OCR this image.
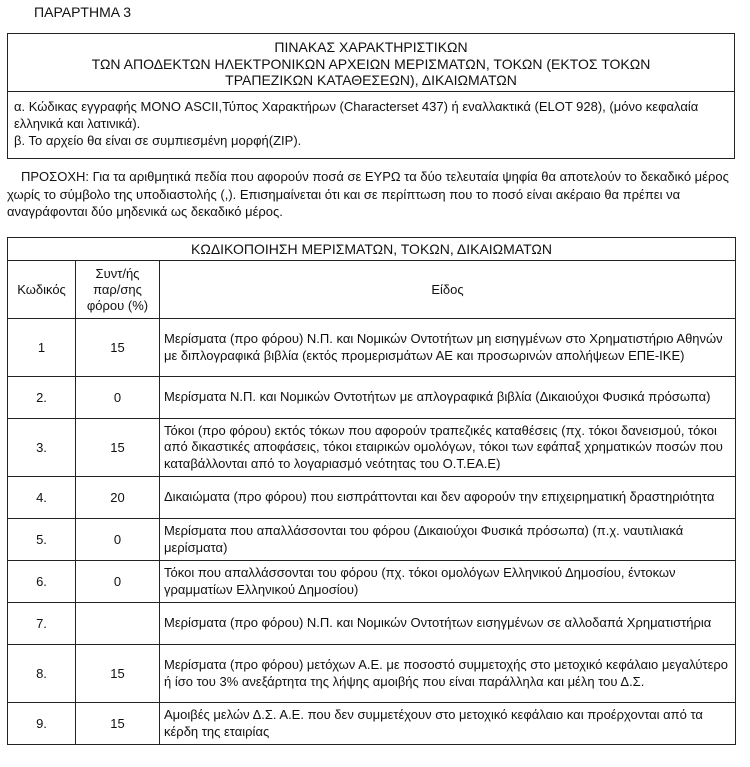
ΠΑΡΑΡΤΗΜΑ 3
ΠΙΝΑΚΑΣ ΧΑΡΑΚΤΗΡΙΣΤΙΚΩΝ
ΤΩΝ ΑΠΟΔΕΚΤΩΝ ΗΛΕΚΤΡΟΝΙΚΩΝ ΑΡΧΕΙΩΝ ΜΕΡΙΣΜΑΤΩΝ, ΤΟΚΩΝ (ΕΚΤΟΣ ΤΟΚΩΝ
ΤΡΑΠΕΖΙΚΩΝ ΚΑΤΑΘΕΣΕΩΝ), ΔΙΚΑΙΩΜΑΤΩΝ

α. Κώδικας εγγραφής ΜΟΝΟ ASCII,Τύπος Χαρακτήρων (Characterset 437) ή εναλλακτικά (ELOT 928), (μόνο κεφαλαία ελληνικά και λατινικά).

β. Το αρχείο θα είναι σε συμπιεσμένη μορφή(ZIP).

ΠΡΟΣΟΧΗ: Για τα αριθμητικά πεδία που αφορούν ποσά σε ΕΥΡΩ τα δύο τελευταία ψηφία θα αποτελούν το δεκαδικό μέρος χωρίς το σύμβολο της υποδιαστολής (,). Επισημαίνεται ότι και σε περίπτωση που το ποσό είναι ακέραιο θα πρέπει να αναγράφονται δύο μηδενικά ως δεκαδικό μέρος.

ΚΩΔΙΚΟΠΟΙΗΣΗ ΜΕΡΙΣΜΑΤΩΝ, ΤΟΚΩΝ, ΔΙΚΑΙΩΜΑΤΩΝ		
Κωδικός	Συντ/ής παρ/σης φόρου (%)	Είδος
1	15	Μερίσματα (προ φόρου) Ν.Π. και Νομικών Οντοτήτων μη εισηγμένων στο Χρηματιστήριο Αθηνών με διπλογραφικά βιβλία (εκτός προμερισμάτων ΑΕ και προσωρινών απολήψεων ΕΠΕ-ΙΚΕ)
2.	0	Μερίσματα Ν.Π. και Νομικών Οντοτήτων με απλογραφικά βιβλία (Δικαιούχοι Φυσικά πρόσωπα)
3.	15	Τόκοι (προ φόρου) εκτός τόκων που αφορούν τραπεζικές καταθέσεις (πχ. τόκοι δανεισμού, τόκοι από δικαστικές αποφάσεις, τόκοι εταιρικών ομολόγων, τόκοι των εφάπαξ χρηματικών ποσών που καταβάλλονται από το λογαριασμό νεότητας του Ο.Τ.ΕΑ.Ε)
4.	20	Δικαιώματα (προ φόρου) που εισπράττονται και δεν αφορούν την επιχειρηματική δραστηριότητα
5.	0	Μερίσματα που απαλλάσσονται του φόρου (Δικαιούχοι Φυσικά πρόσωπα) (π.χ. ναυτιλιακά μερίσματα)
6.	0	Τόκοι που απαλλάσσονται του φόρου (πχ. τόκοι ομολόγων Ελληνικού Δημοσίου, έντοκων γραμματίων Ελληνικού Δημοσίου)
7.		Μερίσματα (προ φόρου) Ν.Π. και Νομικών Οντοτήτων εισηγμένων σε αλλοδαπά Χρηματιστήρια
8.	15	Μερίσματα (προ φόρου) μετόχων Α.Ε. με ποσοστό συμμετοχής στο μετοχικό κεφάλαιο μεγαλύτερο ή ίσο του 3% ανεξάρτητα της λήψης αμοιβής που είναι παράλληλα και μέλη του Δ.Σ.
9.	15	Αμοιβές μελών Δ.Σ. Α.Ε. που δεν συμμετέχουν στο μετοχικό κεφάλαιο και προέρχονται από τα κέρδη της εταιρίας
